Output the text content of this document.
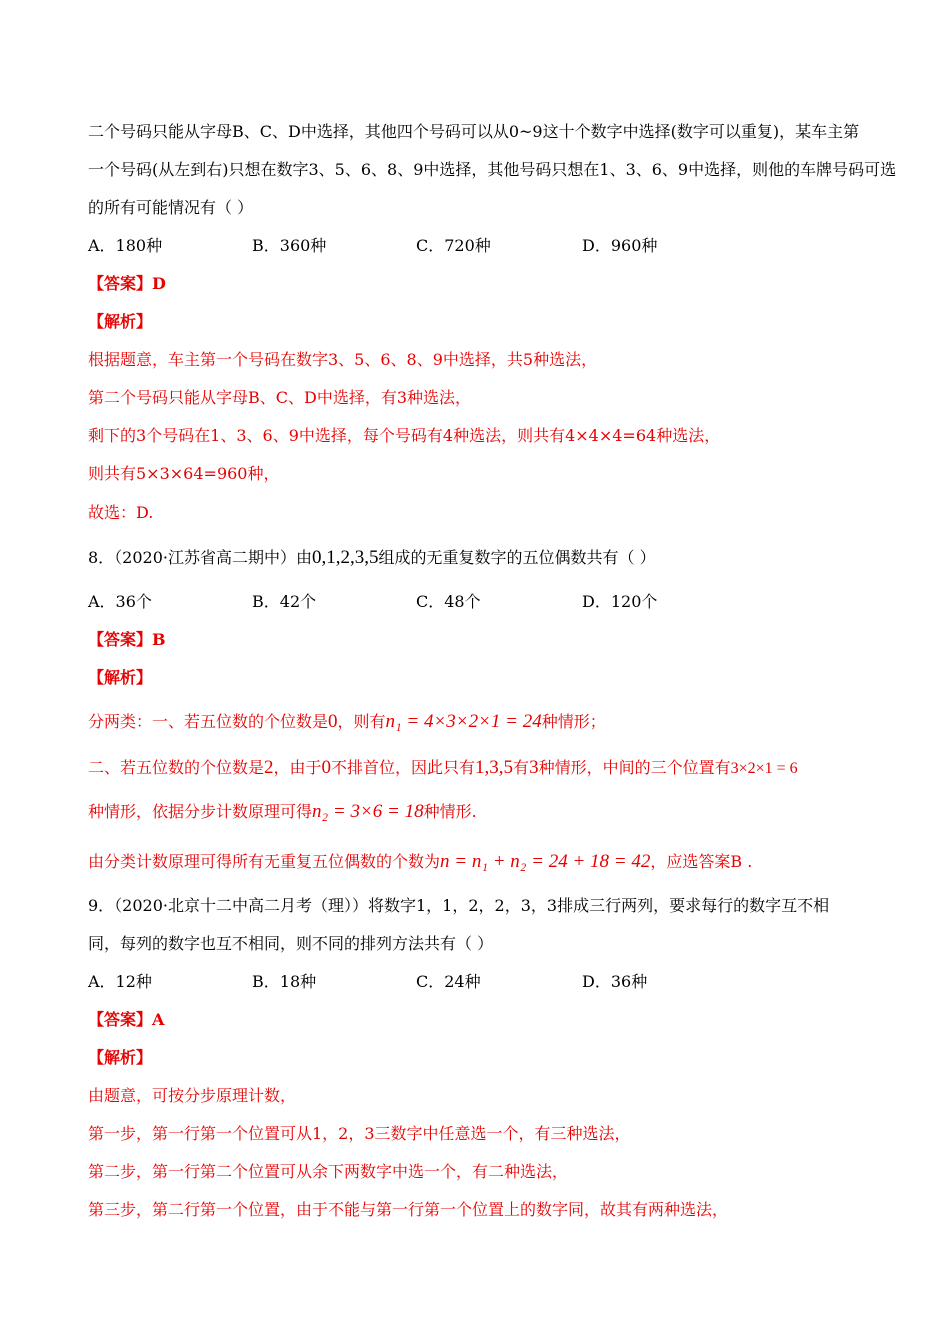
二个号码只能从字母B、C、D中选择，其他四个号码可以从0~9这十个数字中选择(数字可以重复)，某车主第
一个号码(从左到右)只想在数字3、5、6、8、9中选择，其他号码只想在1、3、6、9中选择，则他的车牌号码可选
的所有可能情况有（ ）
A．180种	B．360种	C．720种	D．960种
【答案】D
【解析】
根据题意，车主第一个号码在数字3、5、6、8、9中选择，共5种选法，
第二个号码只能从字母B、C、D中选择，有3种选法，
剩下的3个号码在1、3、6、9中选择，每个号码有4种选法，则共有4×4×4=64种选法，
则共有5×3×64=960种，
故选：D.
8．（2020·江苏省高二期中）由0,1,2,3,5组成的无重复数字的五位偶数共有（ ）
A．36个	B．42个	C．48个	D．120个
【答案】B
【解析】
分两类：一、若五位数的个位数是0，则有n₁ = 4×3×2×1 = 24种情形；
二、若五位数的个位数是2，由于0不排首位，因此只有1,3,5有3种情形，中间的三个位置有3×2×1 = 6
种情形，依据分步计数原理可得n₂ = 3×6 = 18种情形.
由分类计数原理可得所有无重复五位偶数的个数为n = n₁ + n₂ = 24 + 18 = 42，应选答案B .
9．（2020·北京十二中高二月考（理））将数字1，1，2，2，3，3排成三行两列，要求每行的数字互不相
同，每列的数字也互不相同，则不同的排列方法共有（ ）
A．12种	B．18种	C．24种	D．36种
【答案】A
【解析】
由题意，可按分步原理计数，
第一步，第一行第一个位置可从1，2，3三数字中任意选一个，有三种选法，
第二步，第一行第二个位置可从余下两数字中选一个，有二种选法，
第三步，第二行第一个位置，由于不能与第一行第一个位置上的数字同，故其有两种选法，
